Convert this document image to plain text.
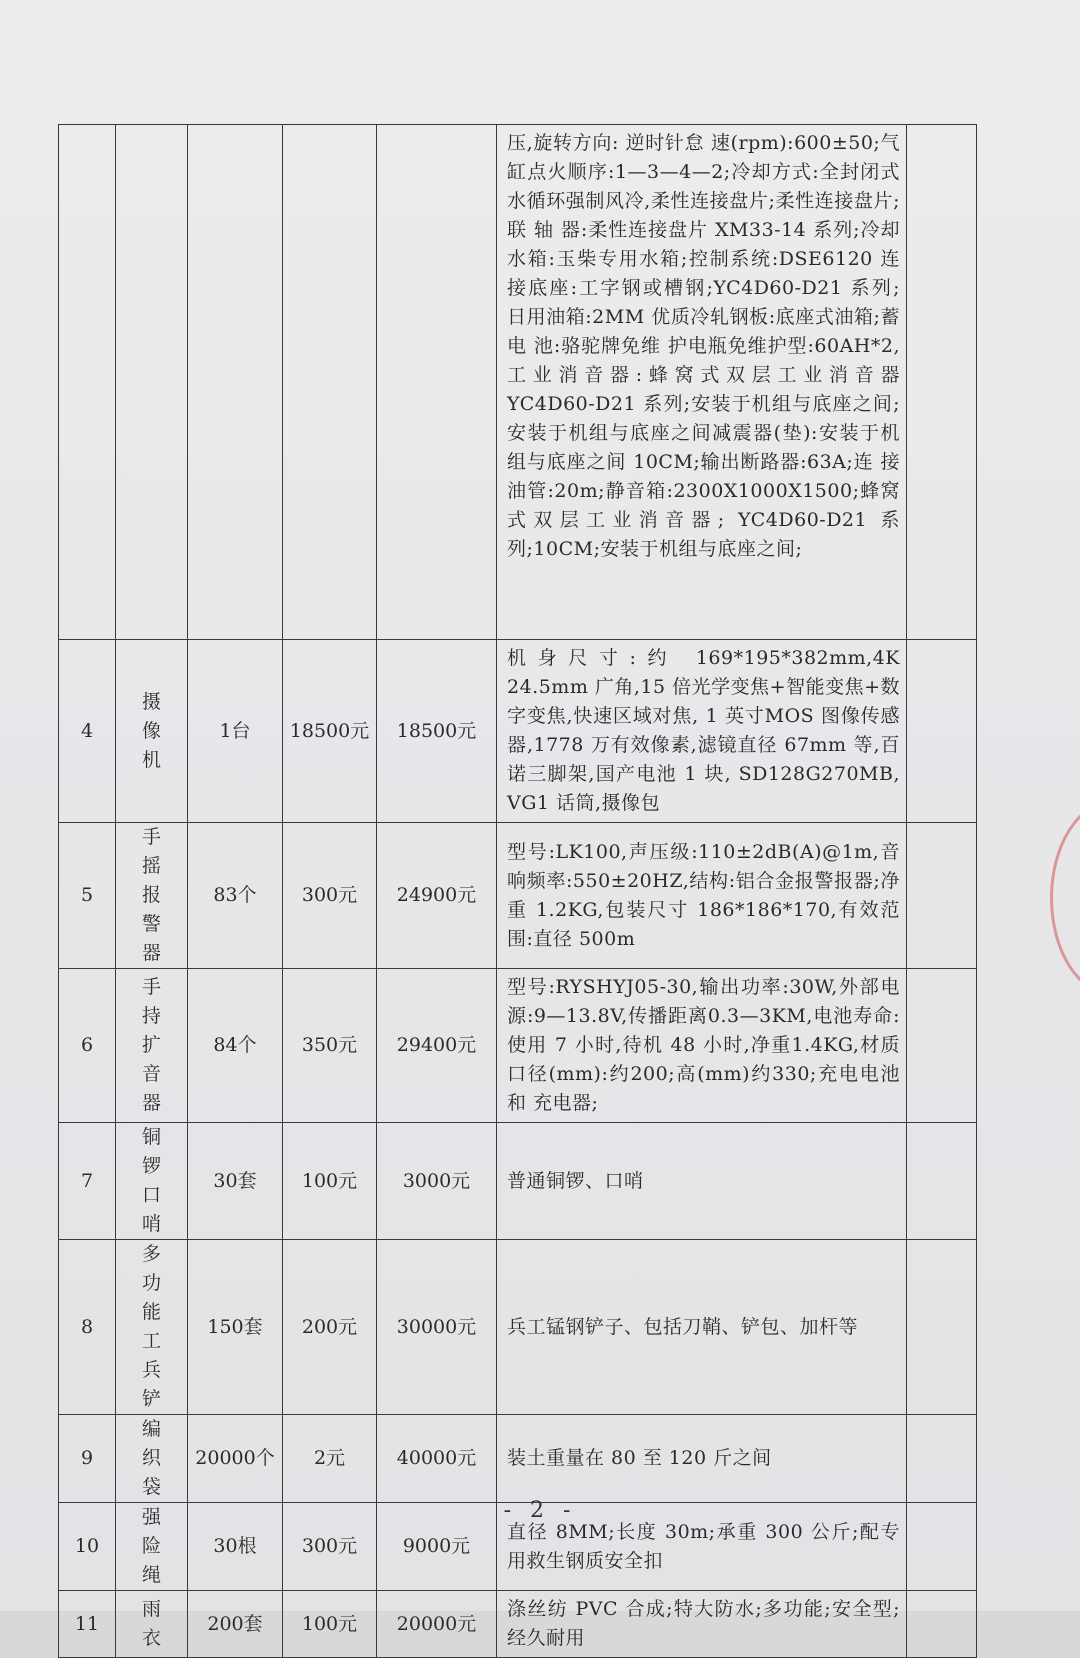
					压,旋转方向: 逆时针怠 速(rpm):600±50;气缸点火顺序:1—3—4—2;冷却方式:全封闭式水循环强制风冷,柔性连接盘片;柔性连接盘片;联 轴 器:柔性连接盘片 XM33-14 系列;冷却水箱:玉柴专用水箱;控制系统:DSE6120 连接底座:工字钢或槽钢;YC4D60-D21 系列; 日用油箱:2MM 优质冷轧钢板:底座式油箱;蓄 电 池:骆驼牌免维 护电瓶免维护型:60AH*2,工业消音器:蜂窝式双层工业消音器 YC4D60-D21 系列;安装于机组与底座之间;安装于机组与底座之间减震器(垫):安装于机组与底座之间 10CM;输出断路器:63A;连 接油管:20m;静音箱:2300X1000X1500;蜂窝式双层工业消音器; YC4D60-D21 系列;10CM;安装于机组与底座之间;	
4	摄像机	1台	18500元	18500元	机身尺寸:约 169*195*382mm,4K 24.5mm 广角,15 倍光学变焦+智能变焦+数字变焦,快速区域对焦, 1 英寸MOS 图像传感器,1778 万有效像素,滤镜直径 67mm 等,百诺三脚架,国产电池 1 块, SD128G270MB, VG1 话筒,摄像包	
5	手摇报警器	83个	300元	24900元	型号:LK100,声压级:110±2dB(A)@1m,音响频率:550±20HZ,结构:铝合金报警报器;净重 1.2KG,包装尺寸 186*186*170,有效范围:直径 500m	
6	手持扩音器	84个	350元	29400元	型号:RYSHYJ05-30,输出功率:30W,外部电源:9—13.8V,传播距离0.3—3KM,电池寿命:使用 7 小时,待机 48 小时,净重1.4KG,材质口径(mm):约200;高(mm)约330;充电电池和 充电器;	
7	铜锣口哨	30套	100元	3000元	普通铜锣、口哨	
8	多功能工兵铲	150套	200元	30000元	兵工锰钢铲子、包括刀鞘、铲包、加杆等	
9	编织袋	20000个	2元	40000元	装土重量在 80 至 120 斤之间	
10	强险绳	30根	300元	9000元	直径 8MM;长度 30m;承重 300 公斤;配专用救生钢质安全扣	
11	雨衣	200套	100元	20000元	涤丝纺 PVC 合成;特大防水;多功能;安全型;经久耐用	
- 2 -
